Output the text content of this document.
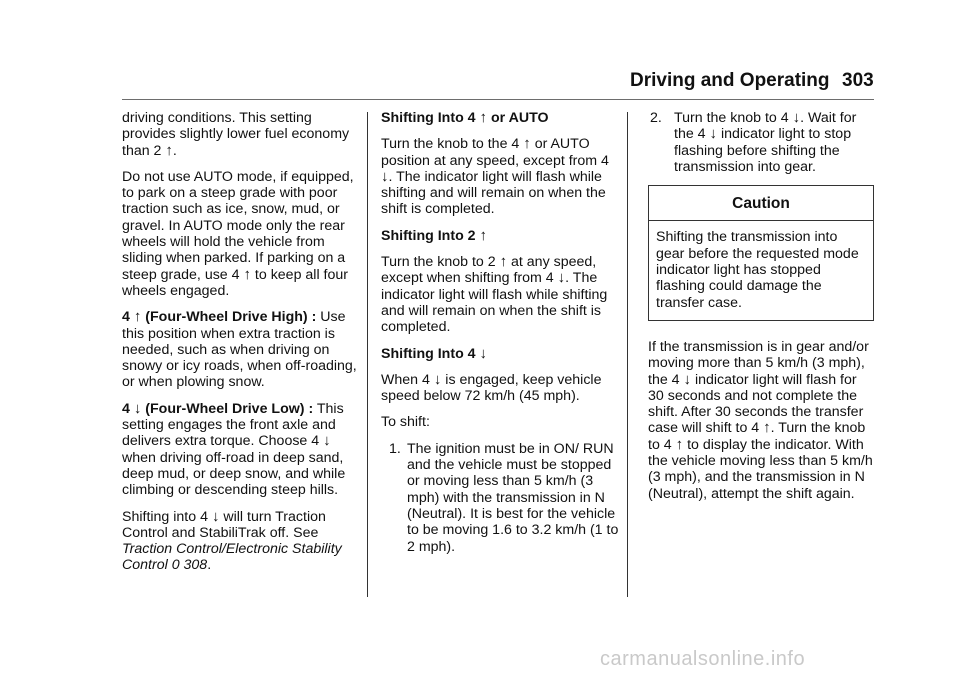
Driving and Operating 303

driving conditions. This setting provides slightly lower fuel economy than 2 ↑.

Do not use AUTO mode, if equipped, to park on a steep grade with poor traction such as ice, snow, mud, or gravel. In AUTO mode only the rear wheels will hold the vehicle from sliding when parked. If parking on a steep grade, use 4 ↑ to keep all four wheels engaged.

4 ↑ (Four-Wheel Drive High) : Use this position when extra traction is needed, such as when driving on snowy or icy roads, when off-roading, or when plowing snow.

4 ↓ (Four-Wheel Drive Low) : This setting engages the front axle and delivers extra torque. Choose 4 ↓ when driving off-road in deep sand, deep mud, or deep snow, and while climbing or descending steep hills.

Shifting into 4 ↓ will turn Traction Control and StabiliTrak off. See Traction Control/Electronic Stability Control 0 308.

Shifting Into 4 ↑ or AUTO

Turn the knob to the 4 ↑ or AUTO position at any speed, except from 4 ↓. The indicator light will flash while shifting and will remain on when the shift is completed.

Shifting Into 2 ↑

Turn the knob to 2 ↑ at any speed, except when shifting from 4 ↓. The indicator light will flash while shifting and will remain on when the shift is completed.

Shifting Into 4 ↓

When 4 ↓ is engaged, keep vehicle speed below 72 km/h (45 mph).

To shift:

1. The ignition must be in ON/ RUN and the vehicle must be stopped or moving less than 5 km/h (3 mph) with the transmission in N (Neutral). It is best for the vehicle to be moving 1.6 to 3.2 km/h (1 to 2 mph).
2. Turn the knob to 4 ↓. Wait for the 4 ↓ indicator light to stop flashing before shifting the transmission into gear.
Caution
Shifting the transmission into gear before the requested mode indicator light has stopped flashing could damage the transfer case.

If the transmission is in gear and/or moving more than 5 km/h (3 mph), the 4 ↓ indicator light will flash for 30 seconds and not complete the shift. After 30 seconds the transfer case will shift to 4 ↑. Turn the knob to 4 ↑ to display the indicator. With the vehicle moving less than 5 km/h (3 mph), and the transmission in N (Neutral), attempt the shift again.

carmanualsonline.info
